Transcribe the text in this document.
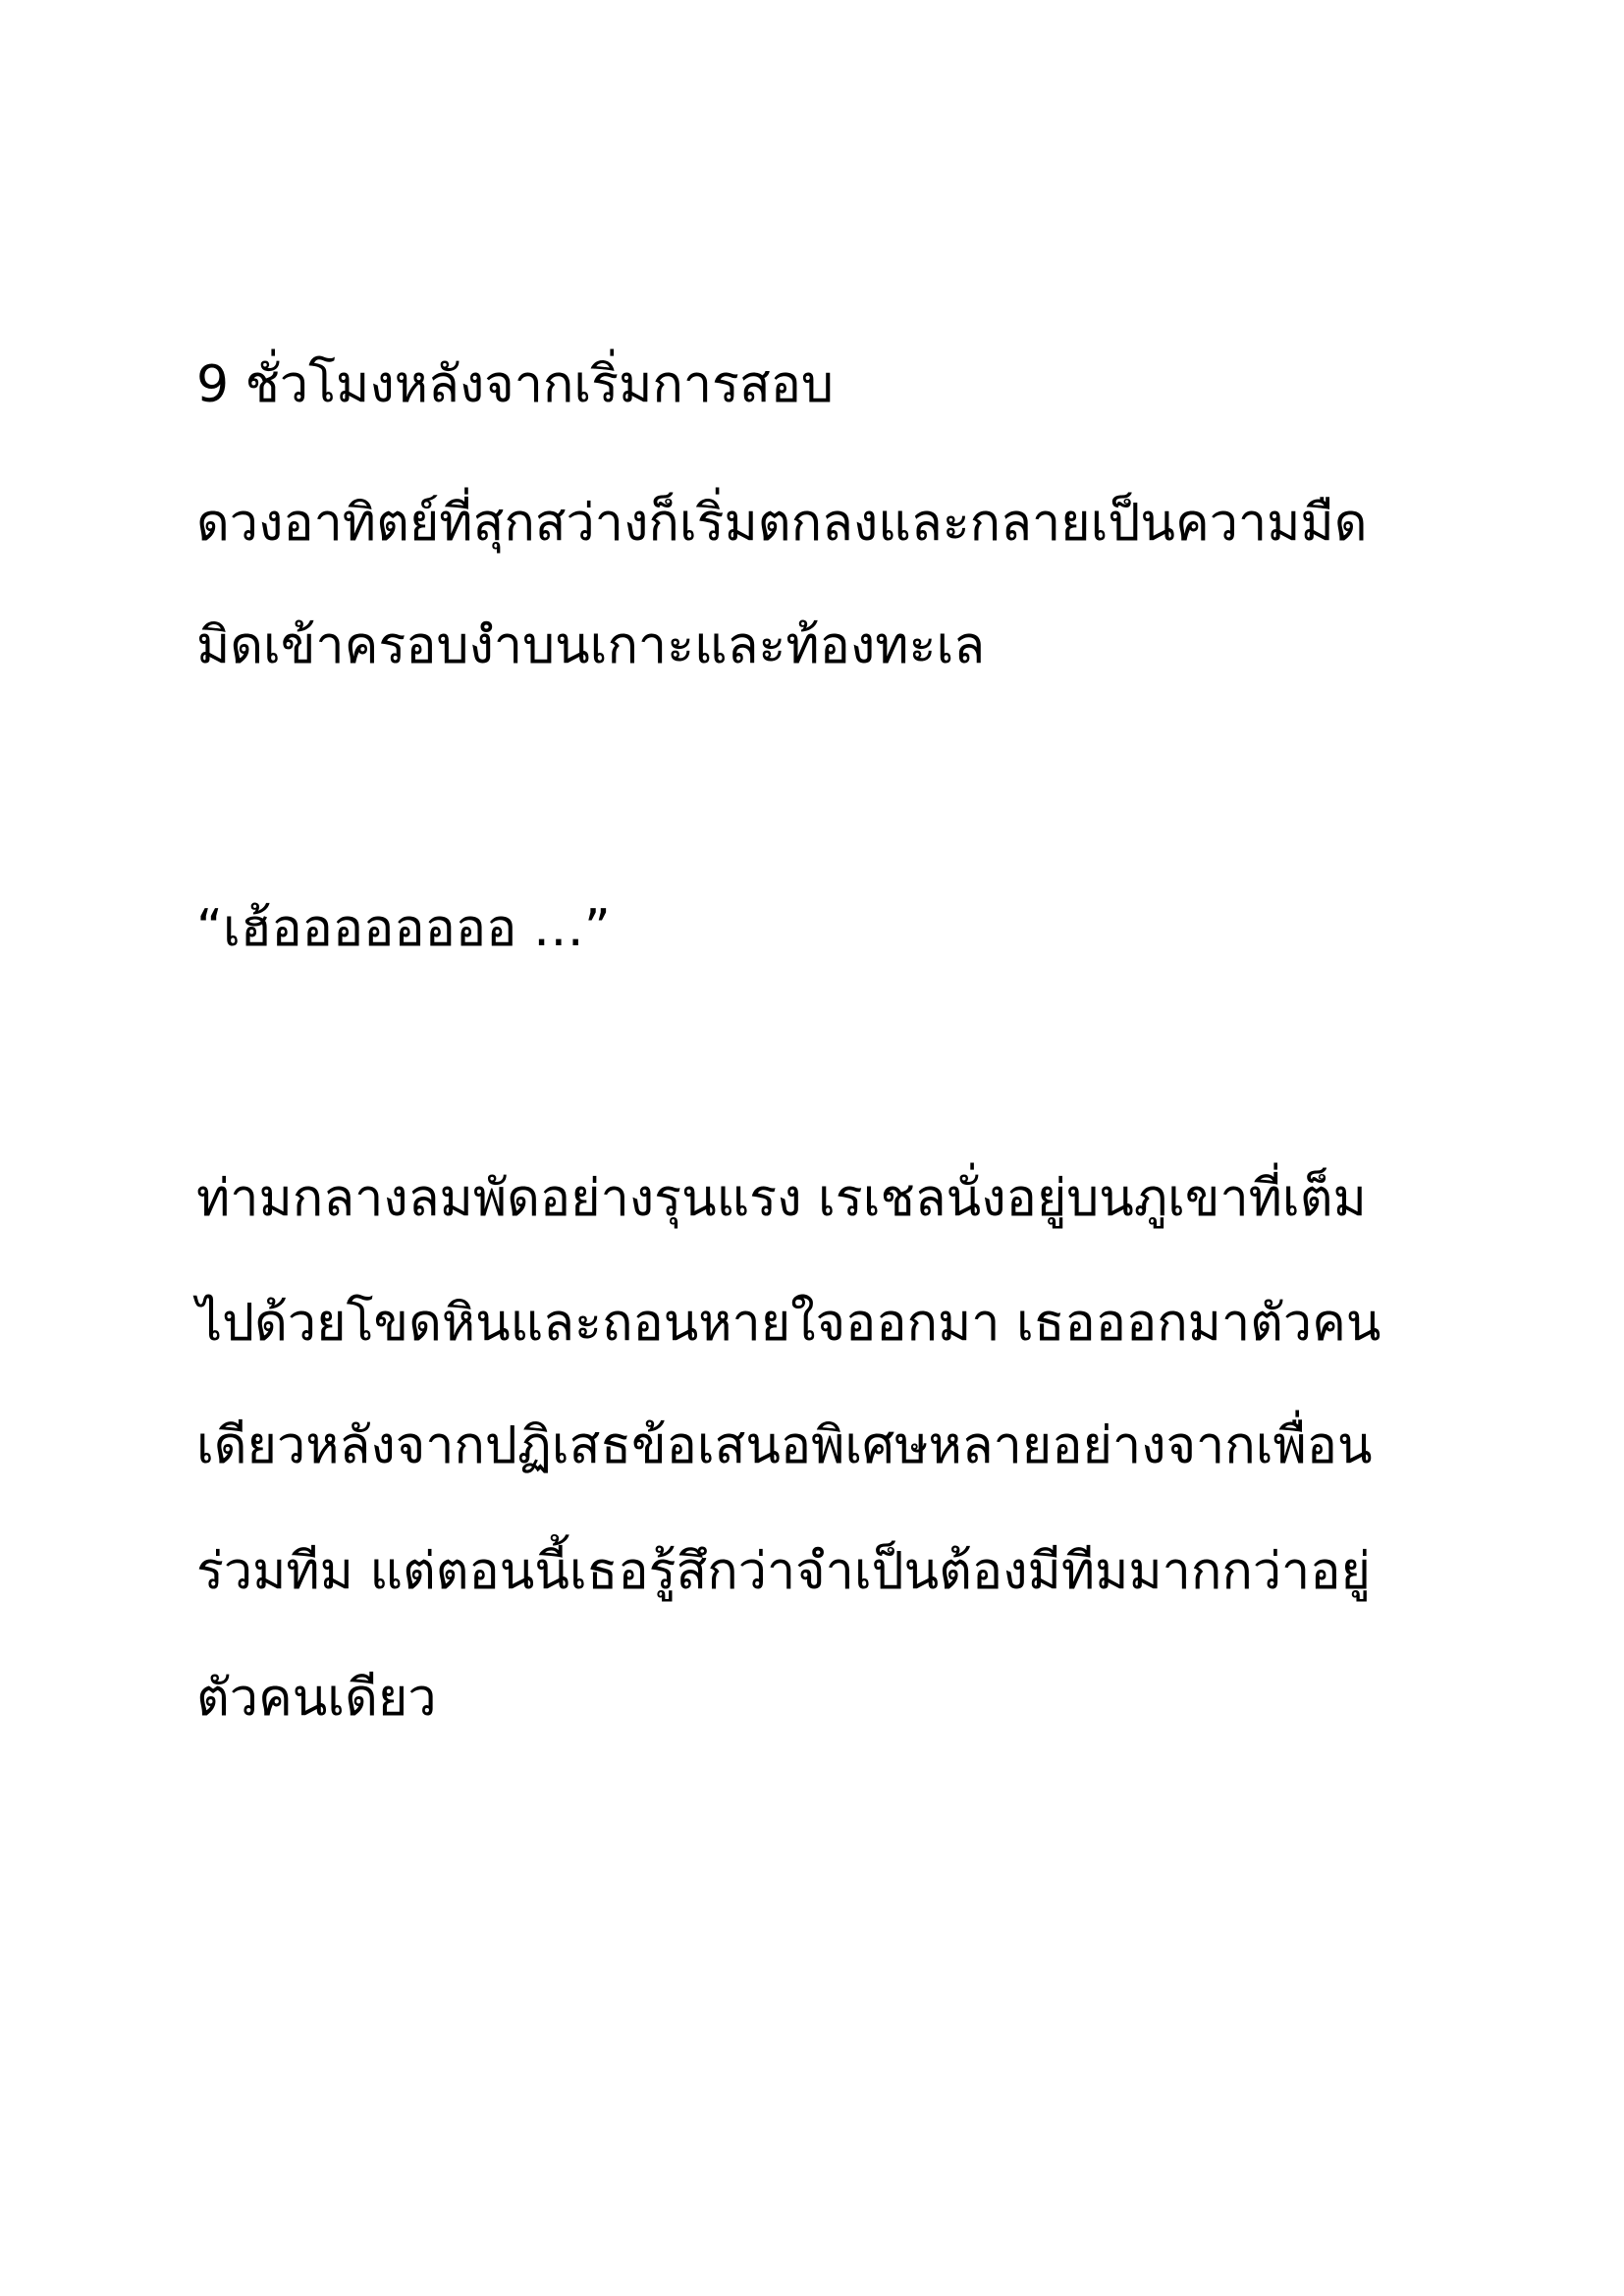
9 ชั่วโมงหลังจากเริ่มการสอบ

ดวงอาทิตย์ที่สุกสว่างก็เริ่มตกลงและกลายเป็นความมืด

มิดเข้าครอบงำบนเกาะและท้องทะเล

“เฮ้ออออออออ …”

ท่ามกลางลมพัดอย่างรุนแรง เรเชลนั่งอยู่บนภูเขาที่เต็ม

ไปด้วยโขดหินและถอนหายใจออกมา เธอออกมาตัวคน

เดียวหลังจากปฏิเสธข้อเสนอพิเศษหลายอย่างจากเพื่อน

ร่วมทีม แต่ตอนนี้เธอรู้สึกว่าจำเป็นต้องมีทีมมากกว่าอยู่

ตัวคนเดียว
